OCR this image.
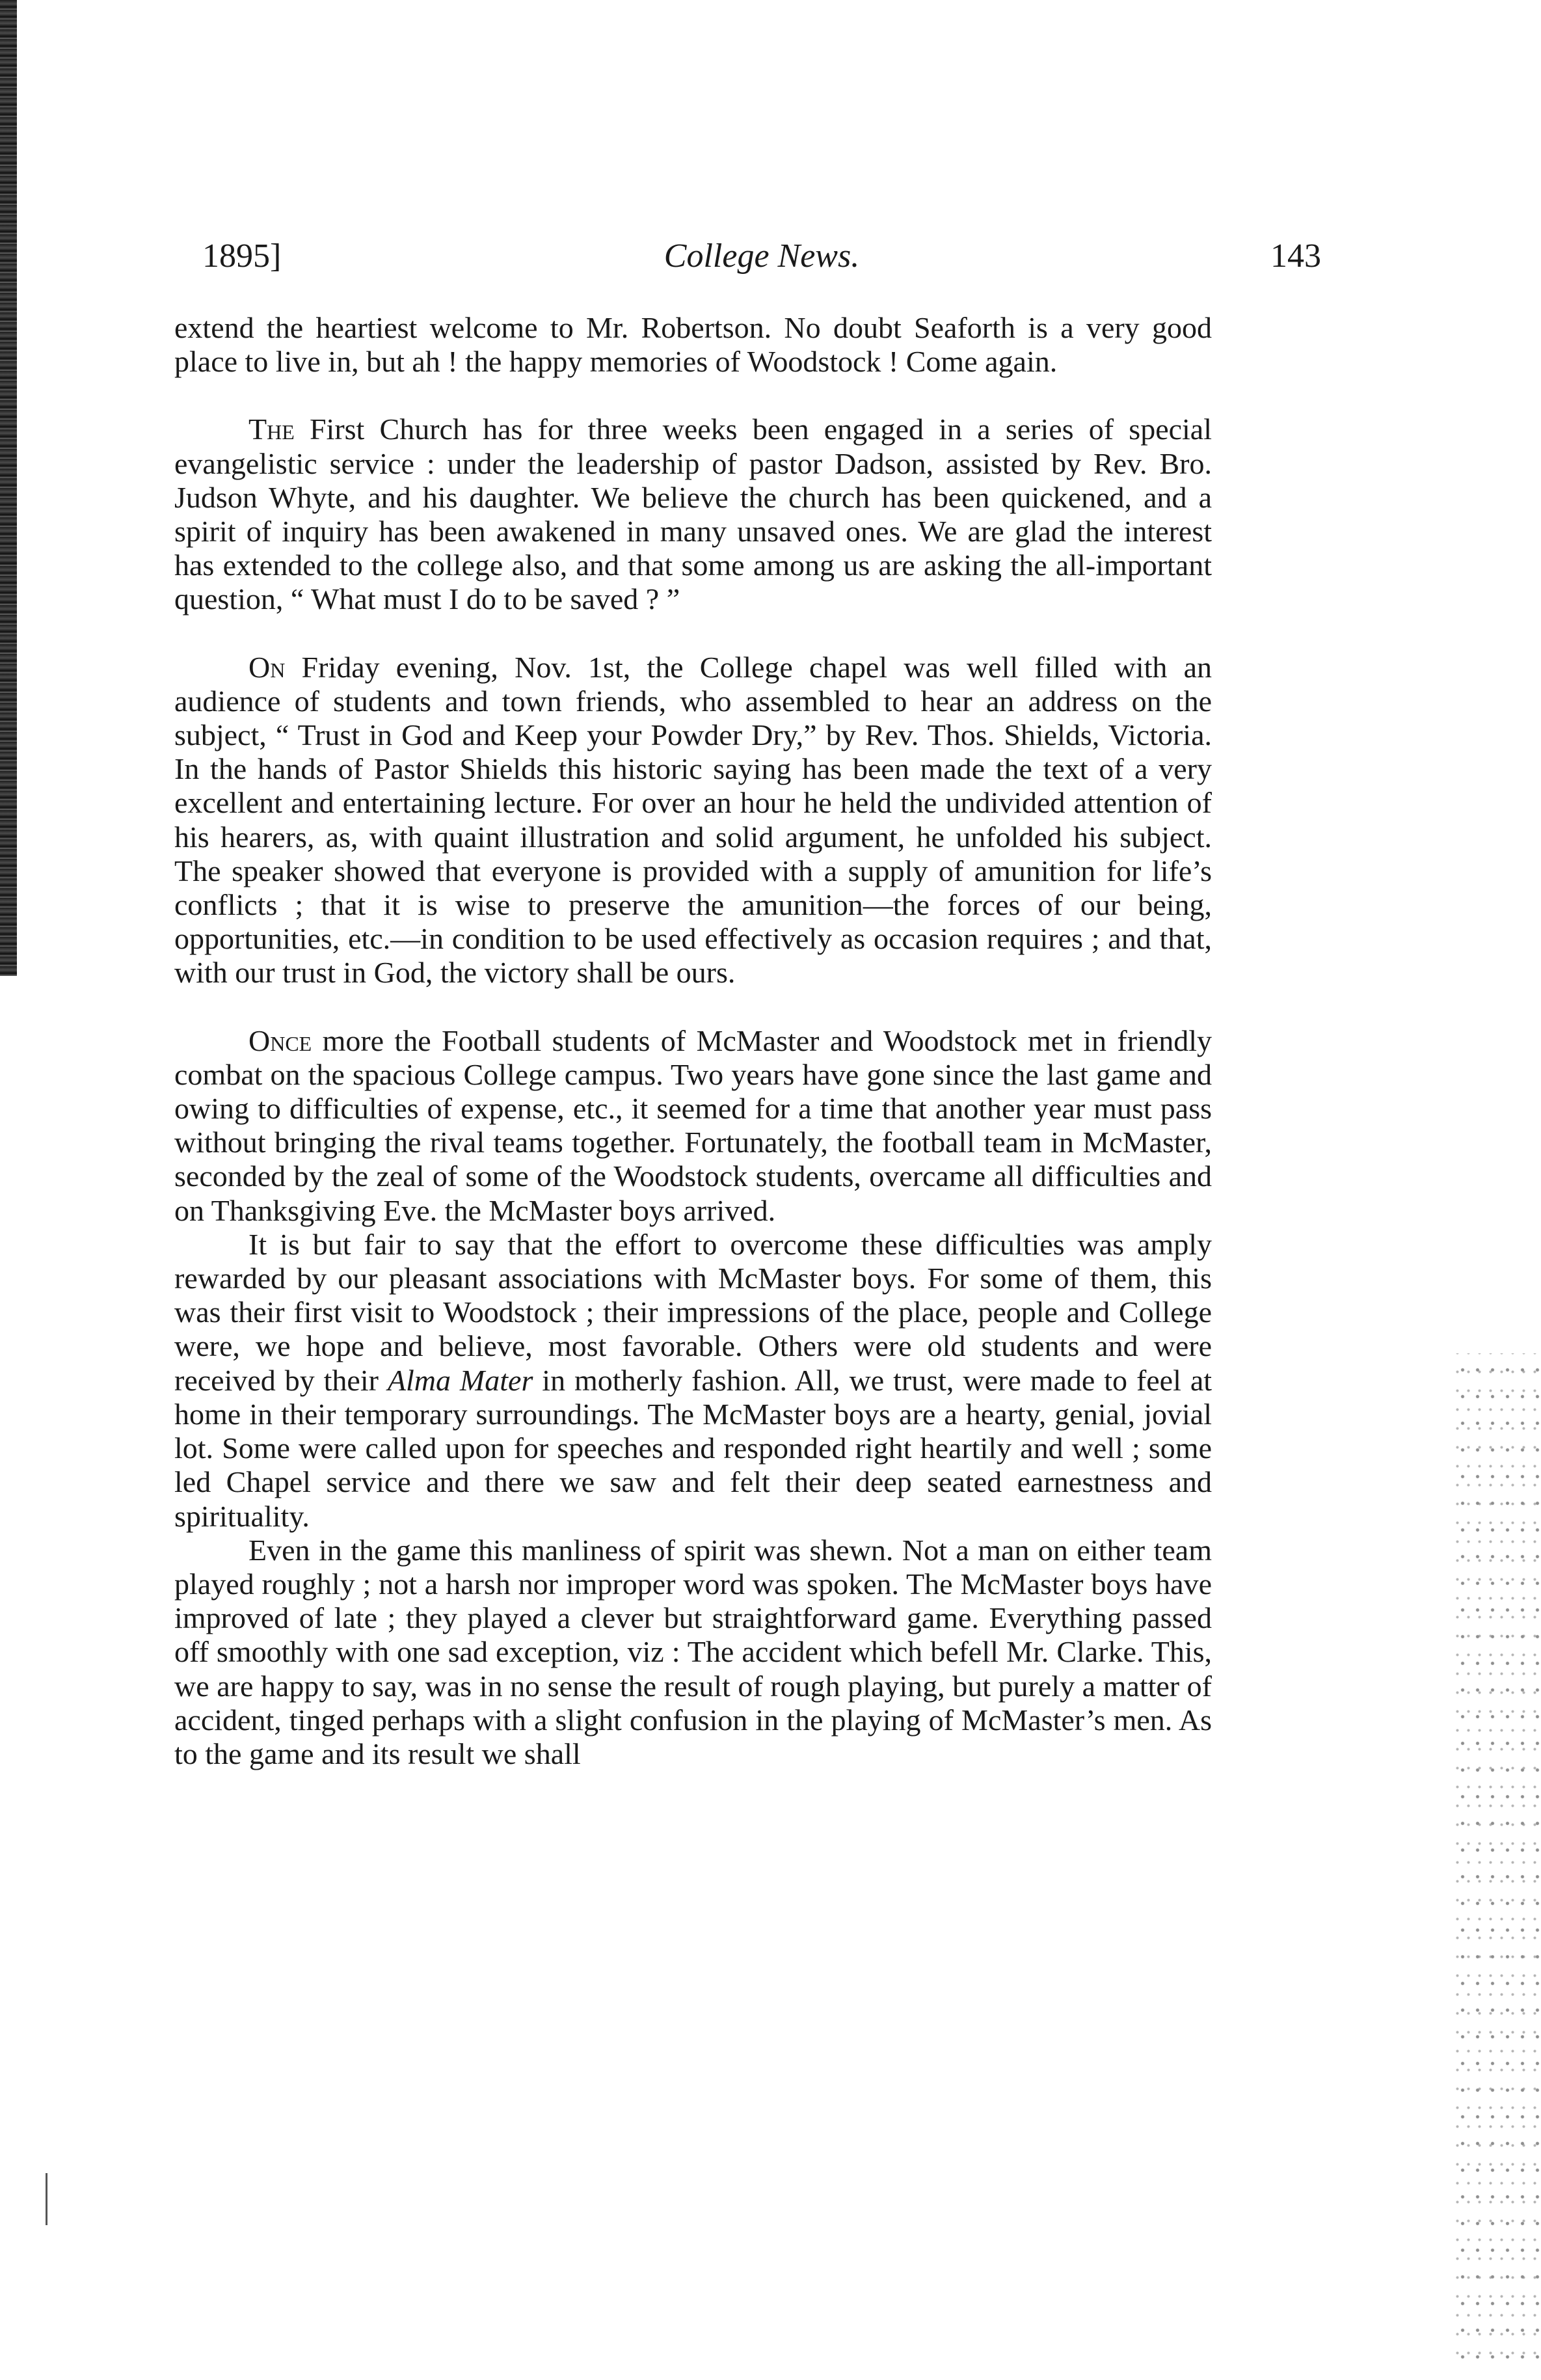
1895]	College News.	143

extend the heartiest welcome to Mr. Robertson. No doubt Seaforth is a very good place to live in, but ah ! the happy memories of Woodstock ! Come again.

The First Church has for three weeks been engaged in a series of special evangelistic service : under the leadership of pastor Dadson, assisted by Rev. Bro. Judson Whyte, and his daughter. We believe the church has been quickened, and a spirit of inquiry has been awakened in many unsaved ones. We are glad the interest has extended to the college also, and that some among us are asking the all-important question, “ What must I do to be saved ? ”

On Friday evening, Nov. 1st, the College chapel was well filled with an audience of students and town friends, who assembled to hear an address on the subject, “ Trust in God and Keep your Powder Dry,” by Rev. Thos. Shields, Victoria. In the hands of Pastor Shields this historic saying has been made the text of a very excellent and entertaining lecture. For over an hour he held the undivided attention of his hearers, as, with quaint illustration and solid argument, he unfolded his subject. The speaker showed that everyone is provided with a supply of amunition for life’s conflicts ; that it is wise to preserve the amunition—the forces of our being, opportunities, etc.—in condition to be used effectively as occasion requires ; and that, with our trust in God, the victory shall be ours.

Once more the Football students of McMaster and Woodstock met in friendly combat on the spacious College campus. Two years have gone since the last game and owing to difficulties of expense, etc., it seemed for a time that another year must pass without bringing the rival teams together. Fortunately, the football team in McMaster, seconded by the zeal of some of the Woodstock students, overcame all difficulties and on Thanksgiving Eve. the McMaster boys arrived.

It is but fair to say that the effort to overcome these difficulties was amply rewarded by our pleasant associations with McMaster boys. For some of them, this was their first visit to Woodstock ; their impressions of the place, people and College were, we hope and believe, most favorable. Others were old students and were received by their Alma Mater in motherly fashion. All, we trust, were made to feel at home in their temporary surroundings. The McMaster boys are a hearty, genial, jovial lot. Some were called upon for speeches and responded right heartily and well ; some led Chapel service and there we saw and felt their deep seated earnestness and spirituality.

Even in the game this manliness of spirit was shewn. Not a man on either team played roughly ; not a harsh nor improper word was spoken. The McMaster boys have improved of late ; they played a clever but straightforward game. Everything passed off smoothly with one sad exception, viz : The accident which befell Mr. Clarke. This, we are happy to say, was in no sense the result of rough playing, but purely a matter of accident, tinged perhaps with a slight confusion in the playing of McMaster’s men. As to the game and its result we shall
